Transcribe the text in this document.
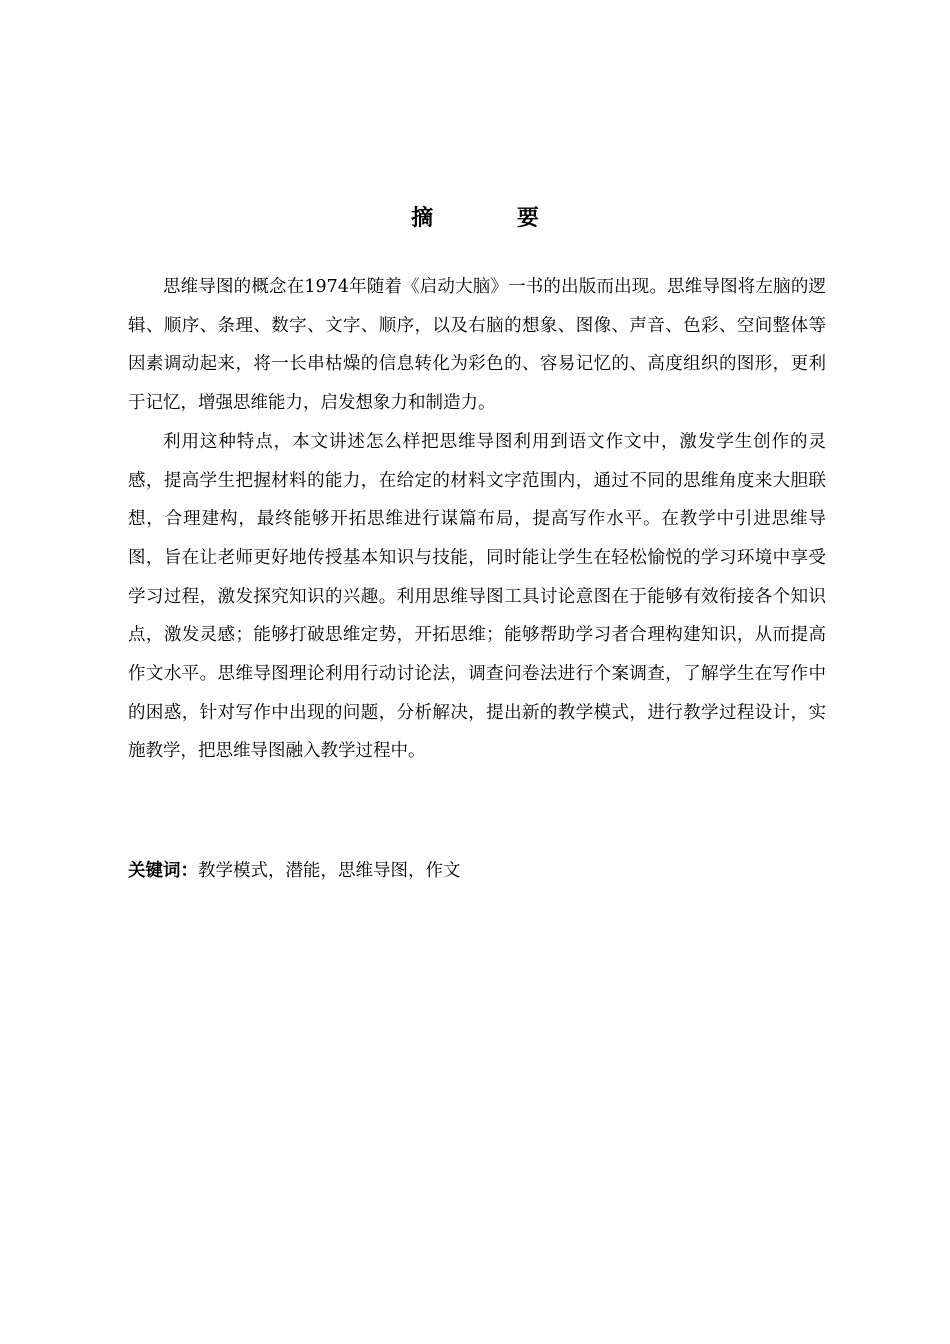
摘 要

思维导图的概念在1974年随着《启动大脑》一书的出版而出现。思维导图将左脑的逻辑、顺序、条理、数字、文字、顺序，以及右脑的想象、图像、声音、色彩、空间整体等因素调动起来，将一长串枯燥的信息转化为彩色的、容易记忆的、高度组织的图形，更利于记忆，增强思维能力，启发想象力和制造力。

利用这种特点，本文讲述怎么样把思维导图利用到语文作文中，激发学生创作的灵感，提高学生把握材料的能力，在给定的材料文字范围内，通过不同的思维角度来大胆联想，合理建构，最终能够开拓思维进行谋篇布局，提高写作水平。在教学中引进思维导图，旨在让老师更好地传授基本知识与技能，同时能让学生在轻松愉悦的学习环境中享受学习过程，激发探究知识的兴趣。利用思维导图工具讨论意图在于能够有效衔接各个知识点，激发灵感；能够打破思维定势，开拓思维；能够帮助学习者合理构建知识，从而提高作文水平。思维导图理论利用行动讨论法，调查问卷法进行个案调查，了解学生在写作中的困惑，针对写作中出现的问题，分析解决，提出新的教学模式，进行教学过程设计，实施教学，把思维导图融入教学过程中。

关键词：教学模式，潜能，思维导图，作文
